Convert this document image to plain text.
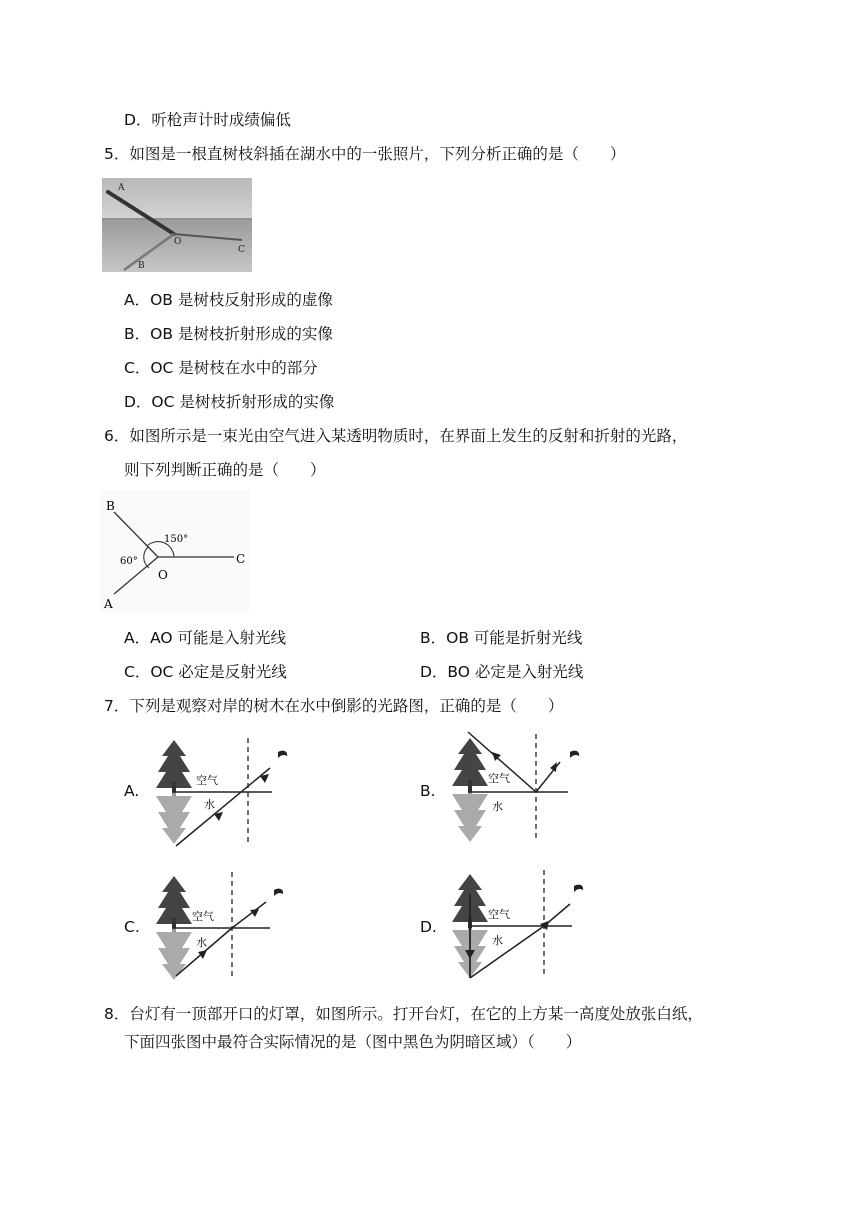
D．听枪声计时成绩偏低
5．如图是一根直树枝斜插在湖水中的一张照片，下列分析正确的是（　　）
A
O
B
C
A．OB 是树枝反射形成的虚像
B．OB 是树枝折射形成的实像
C．OC 是树枝在水中的部分
D．OC 是树枝折射形成的实像
6．如图所示是一束光由空气进入某透明物质时，在界面上发生的反射和折射的光路，
则下列判断正确的是（　　）
B
A
O
C
60°
150°
A．AO 可能是入射光线	B．OB 可能是折射光线
C．OC 必定是反射光线	D．BO 必定是入射光线
7．下列是观察对岸的树木在水中倒影的光路图，正确的是（　　）
A.
空气
水
B.
空气
水
C.
空气
水
D.
空气
水
8．台灯有一顶部开口的灯罩，如图所示。打开台灯，在它的上方某一高度处放张白纸，
下面四张图中最符合实际情况的是（图中黑色为阴暗区域）（　　）
